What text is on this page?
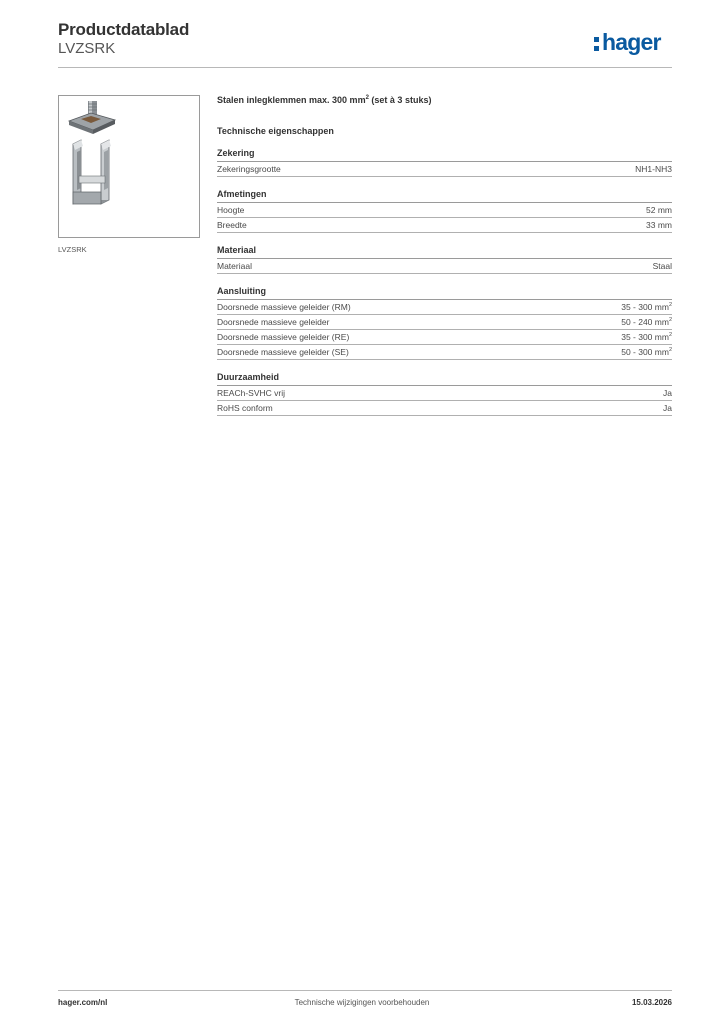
Productdatablad
LVZSRK	hager
LVZSRK
Stalen inlegklemmen max. 300 $mm^2$ (set à 3 stuks)
Technische eigenschappen
Zekering
Zekeringsgrootte	NH1-NH3
Afmetingen
Hoogte	52 mm
Breedte	33 mm
Materiaal
Materiaal	Staal
Aansluiting
Doorsnede massieve geleider (RM)	35 - 300 $mm^2$
Doorsnede massieve geleider	50 - 240 $mm^2$
Doorsnede massieve geleider (RE)	35 - 300 $mm^2$
Doorsnede massieve geleider (SE)	50 - 300 $mm^2$
Duurzaamheid
REACh-SVHC vrij	Ja
RoHS conform	Ja
hager.com/nl	Technische wijzigingen voorbehouden	15.03.2026
